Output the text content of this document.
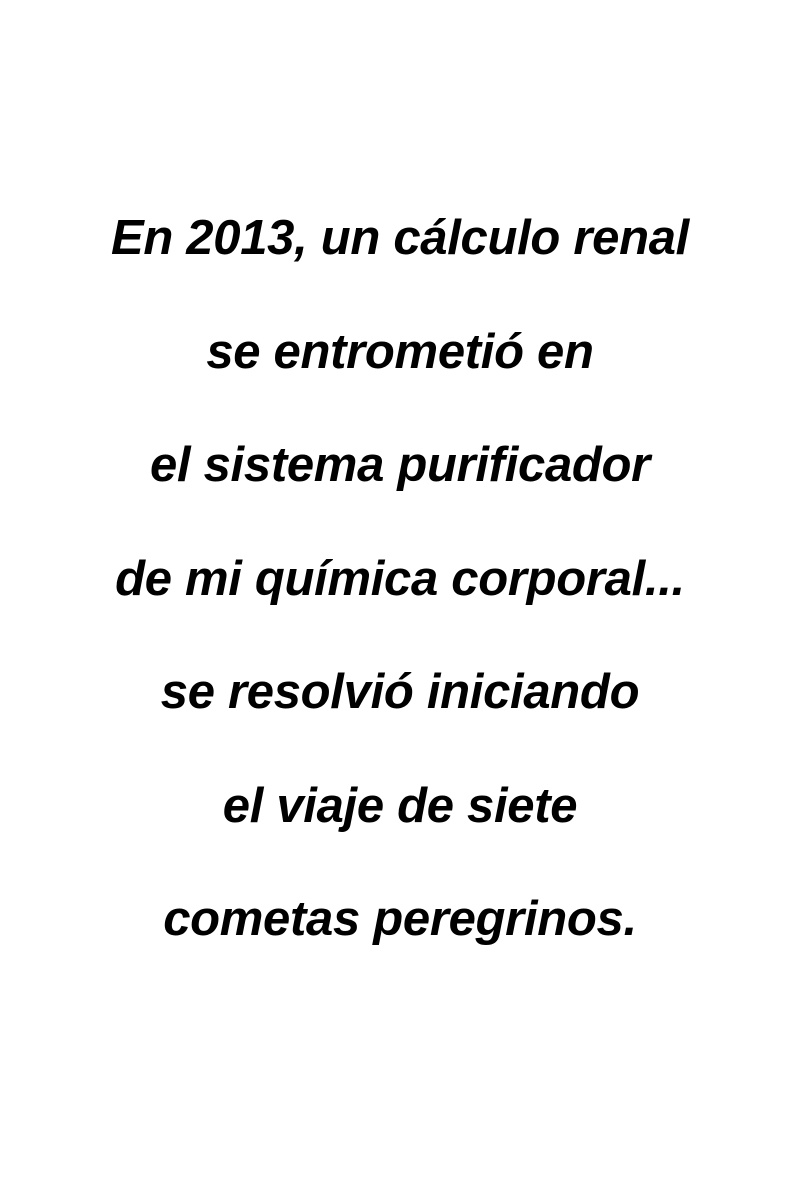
En 2013, un cálculo renal
se entrometió en
el sistema purificador
de mi química corporal...
se resolvió iniciando
el viaje de siete
cometas peregrinos.
